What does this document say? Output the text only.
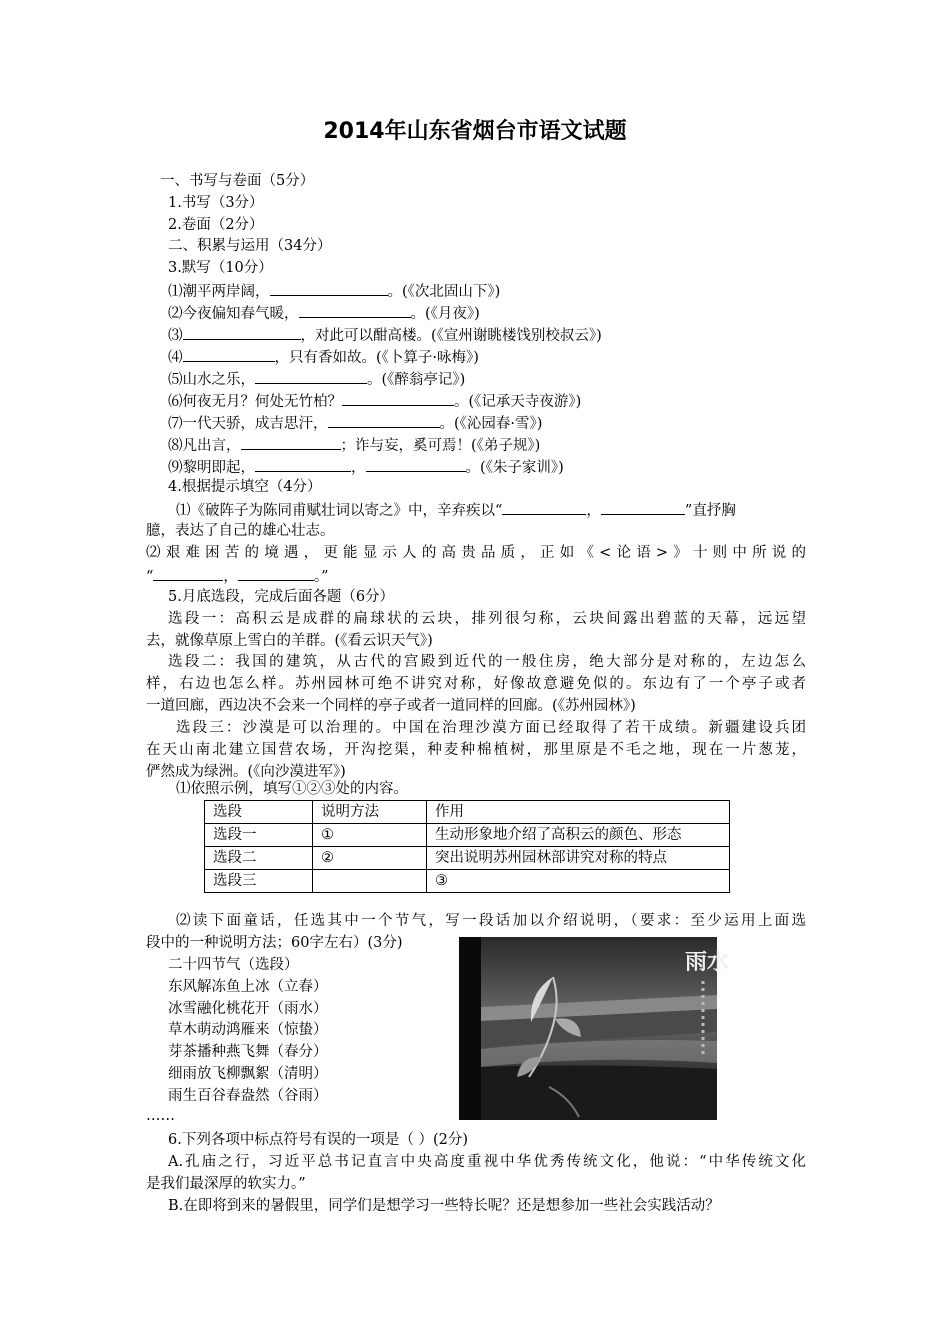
2014年山东省烟台市语文试题
一、书写与卷面（5分）
1.书写（3分）
2.卷面（2分）
二、积累与运用（34分）
3.默写（10分）
⑴潮平两岸阔，	。(《次北固山下》)
⑵今夜偏知春气暖，	。(《月夜》)
⑶	，对此可以酣高楼。(《宣州谢眺楼饯别校叔云》)
⑷	，只有香如故。(《卜算子·咏梅》)
⑸山水之乐，	。(《醉翁亭记》)
⑹何夜无月？何处无竹柏？	。(《记承天寺夜游》)
⑺一代天骄，成吉思汗，	。(《沁园春·雪》)
⑻凡出言，	；诈与妄，奚可焉！(《弟子规》)
⑼黎明即起，	，	。(《朱子家训》)
4.根据提示填空（4分）
⑴《破阵子为陈同甫赋壮词以寄之》中，辛弃疾以“	，	”直抒胸
臆，表达了自己的雄心壮志。
⑵艰难困苦的境遇，更能显示人的高贵品质，正如《<论语>》十则中所说的
“	，	。”
5.月底选段，完成后面各题（6分）
选段一：高积云是成群的扁球状的云块，排列很匀称，云块间露出碧蓝的天幕，远远望
去，就像草原上雪白的羊群。(《看云识天气》)
选段二：我国的建筑，从古代的宫殿到近代的一般住房，绝大部分是对称的，左边怎么
样，右边也怎么样。苏州园林可绝不讲究对称，好像故意避免似的。东边有了一个亭子或者
一道回廊，西边决不会来一个同样的亭子或者一道同样的回廊。(《苏州园林》)
选段三：沙漠是可以治理的。中国在治理沙漠方面已经取得了若干成绩。新疆建设兵团
在天山南北建立国营农场，开沟挖渠，种麦种棉植树，那里原是不毛之地，现在一片葱茏，
俨然成为绿洲。(《向沙漠进军》)
⑴依照示例，填写①②③处的内容。
选段	说明方法	作用
选段一	①	生动形象地介绍了高积云的颜色、形态
选段二	②	突出说明苏州园林部讲究对称的特点
选段三		③
⑵读下面童话，任选其中一个节气，写一段话加以介绍说明，（要求：至少运用上面选
段中的一种说明方法；60字左右）(3分)
二十四节气（选段）
东风解冻鱼上冰（立春）
冰雪融化桃花开（雨水）
草木萌动鸿雁来（惊蛰）
芽茶播种燕飞舞（春分）
细雨放飞柳飘絮（清明）
雨生百谷春盎然（谷雨）
……
雨水
6.下列各项中标点符号有误的一项是（ ）(2分)
A.孔庙之行，习近平总书记直言中央高度重视中华优秀传统文化，他说：“中华传统文化
是我们最深厚的软实力。”
B.在即将到来的暑假里，同学们是想学习一些特长呢？还是想参加一些社会实践活动？
